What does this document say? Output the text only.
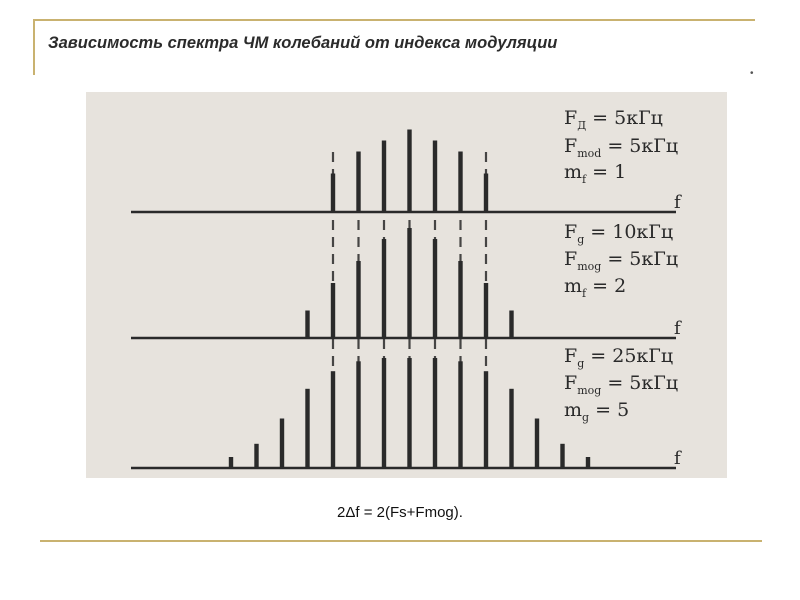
Зависимость спектра ЧМ колебаний от индекса модуляции
•
f
$F_Д = 5кГц$
$F_{mod} = 5кГц$
$m_f = 1$
f
$F_g = 10кГц$
$F_{mog} = 5кГц$
$m_f = 2$
f
$F_g = 25кГц$
$F_{mog} = 5кГц$
$m_g = 5$
2Δf = 2(Fs+Fmog).
